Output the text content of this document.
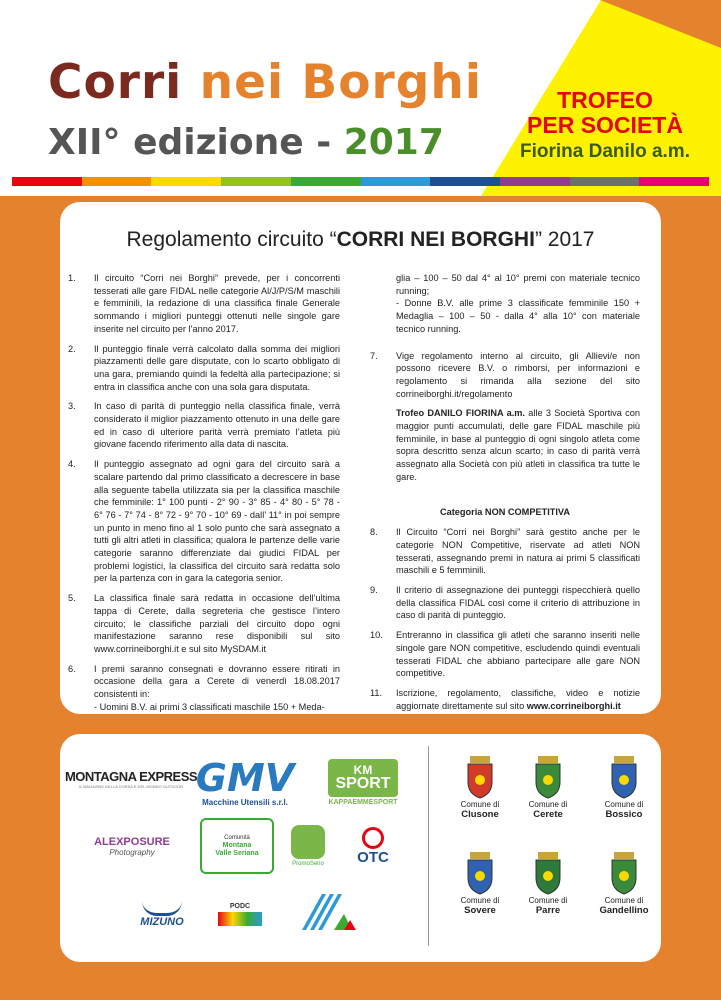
Corri nei Borghi
XII° edizione - 2017
TROFEO
PER SOCIETÀ
Fiorina Danilo a.m.
Regolamento circuito “CORRI NEI BORGHI” 2017
1.	Il circuito “Corri nei Borghi” prevede, per i concorrenti tesserati alle gare FIDAL nelle categorie Al/J/P/S/M maschili e femminili, la redazione di una classifica finale Generale sommando i migliori punteggi ottenuti nelle singole gare inserite nel circuito per l’anno 2017.
2.	Il punteggio finale verrà calcolato dalla somma dei migliori piazzamenti delle gare disputate, con lo scarto obbligato di una gara, premiando quindi la fedeltà alla partecipazione; si entra in classifica anche con una sola gara disputata.
3.	In caso di parità di punteggio nella classifica finale, verrà considerato il miglior piazzamento ottenuto in una delle gare ed in caso di ulteriore parità verrà premiato l’atleta più giovane facendo riferimento alla data di nascita.
4.	Il punteggio assegnato ad ogni gara del circuito sarà a scalare partendo dal primo classificato a decrescere in base alla seguente tabella utilizzata sia per la classifica maschile che femminile: 1° 100 punti - 2° 90 - 3° 85 - 4° 80 - 5° 78 - 6° 76 - 7° 74 - 8° 72 - 9° 70 - 10° 69 - dall’ 11° in poi sempre un punto in meno fino al 1 solo punto che sarà assegnato a tutti gli altri atleti in classifica; qualora le partenze delle varie categorie saranno differenziate dai giudici FIDAL per problemi logistici, la classifica del circuito sarà redatta solo per la partenza con in gara la categoria senior.
5.	La classifica finale sarà redatta in occasione dell’ultima tappa di Cerete, dalla segreteria che gestisce l’intero circuito; le classifiche parziali del circuito dopo ogni manifestazione saranno rese disponibili sul sito www.corrineiborghi.it e sul sito MySDAM.it
6.	I premi saranno consegnati e dovranno essere ritirati in occasione della gara a Cerete di venerdì 18.08.2017 consistenti in:
- Uomini B.V. ai primi 3 classificati maschile 150 + Meda-
glia – 100 – 50 dal 4° al 10° premi con materiale tecnico running;
- Donne B.V. alle prime 3 classificate femminile 150 + Medaglia – 100 – 50 - dalla 4° alla 10° con materiale tecnico running.
7.	Vige regolamento interno al circuito, gli Allievi/e non possono ricevere B.V. o rimborsi, per informazioni e regolamento si rimanda alla sezione del sito corrineiborghi.it/regolamento
Trofeo DANILO FIORINA a.m. alle 3 Società Sportiva con maggior punti accumulati, delle gare FIDAL maschile più femminile, in base al punteggio di ogni singolo atleta come sopra descritto senza alcun scarto; in caso di parità verrà assegnato alla Società con più atleti in classifica tra tutte le gare.
Categoria NON COMPETITIVA
8.	Il Circuito “Corri nei Borghi” sarà gestito anche per le categorie NON Competitive, riservate ad atleti NON tesserati, assegnando premi in natura ai primi 5 classificati maschili e 5 femminili.
9.	Il criterio di assegnazione dei punteggi rispecchierà quello della classifica FIDAL così come il criterio di attribuzione in caso di parità di punteggio.
10.	Entreranno in classifica gli atleti che saranno inseriti nelle singole gare NON competitive, escludendo quindi eventuali tesserati FIDAL che abbiano partecipare alle gare NON competitive.
11.	Iscrizione, regolamento, classifiche, video e notizie aggiornate direttamente sul sito www.corrineiborghi.it
MONTAGNA EXPRESS
IL MAGAZINE DELLA CORSA E DEL MONDO OUTDOOR GMV
Macchine Utensili s.r.l.
KM
SPORT
KAPPAEMMESPORT
ALEXPOSURE
Photography
Comunità
Montana
Valle Seriana
PromoSerio OTC
MIZUNO
PODC
Comune di
Clusone
Comune di
Cerete
Comune di
Bossico
Comune di
Sovere
Comune di
Parre
Comune di
Gandellino
